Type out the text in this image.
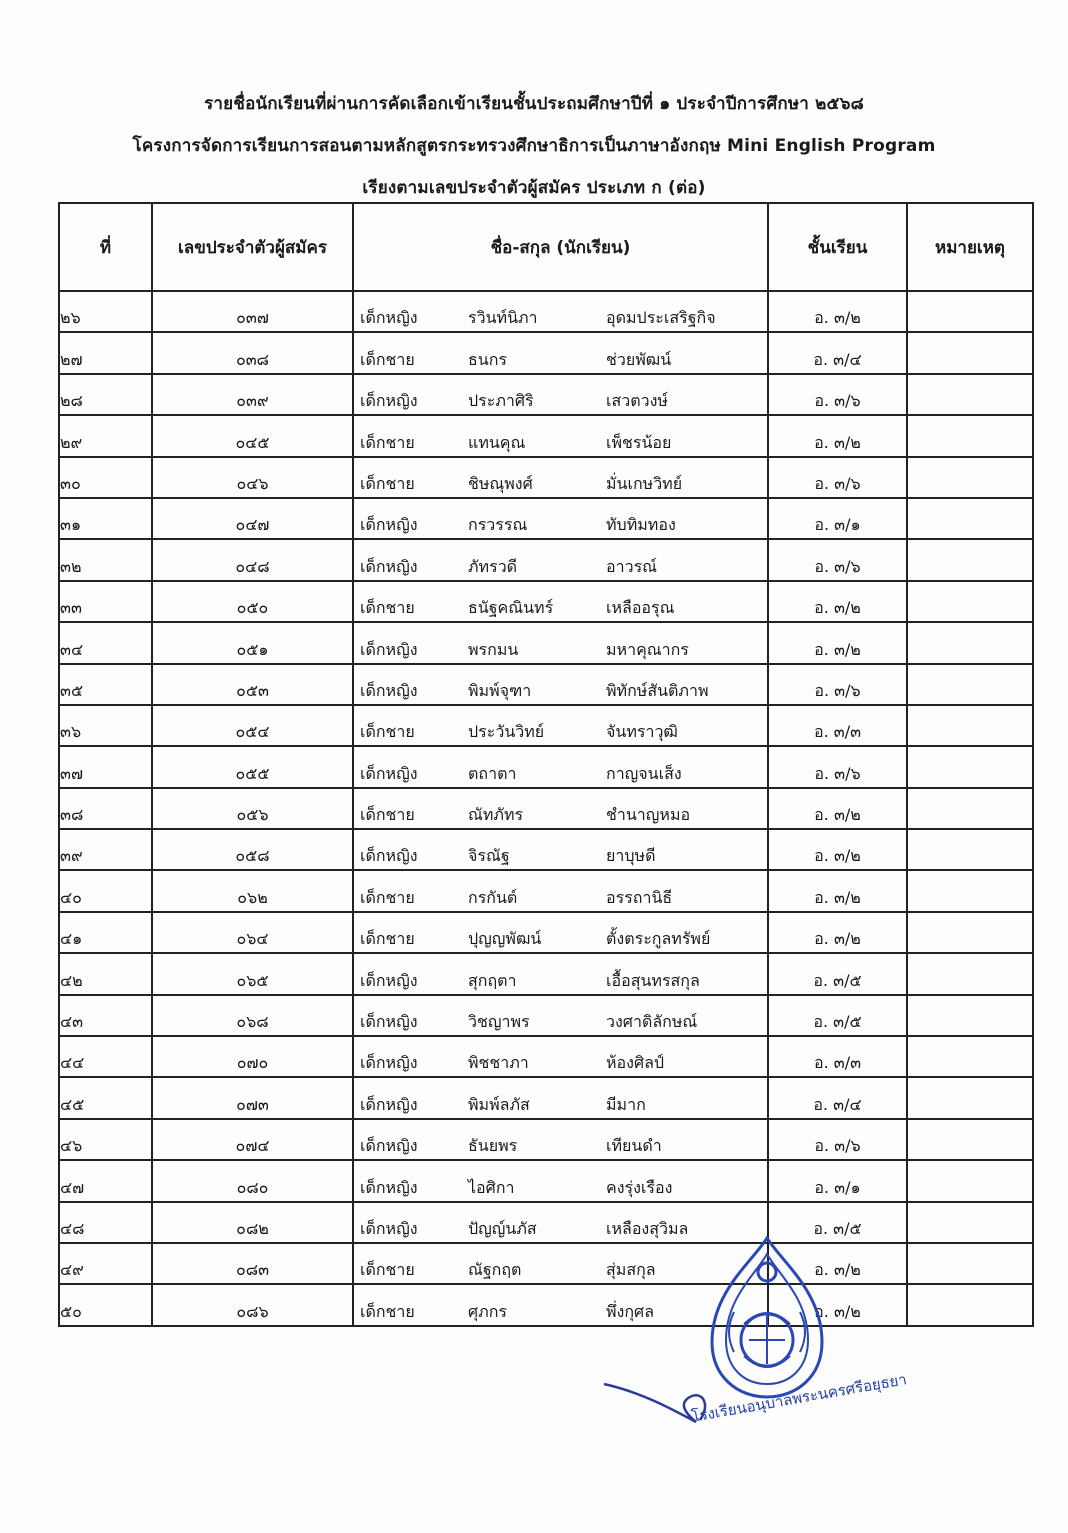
รายชื่อนักเรียนที่ผ่านการคัดเลือกเข้าเรียนชั้นประถมศึกษาปีที่ ๑ ประจำปีการศึกษา ๒๕๖๘
โครงการจัดการเรียนการสอนตามหลักสูตรกระทรวงศึกษาธิการเป็นภาษาอังกฤษ Mini English Program
เรียงตามเลขประจำตัวผู้สมัคร ประเภท ก (ต่อ)
ที่	เลขประจำตัวผู้สมัคร	ชื่อ-สกุล (นักเรียน)	ชั้นเรียน	หมายเหตุ
๒๖	๐๓๗	เด็กหญิง รวินท์นิภา อุดมประเสริฐกิจ	อ. ๓/๒	
๒๗	๐๓๘	เด็กชาย ธนกร ช่วยพัฒน์	อ. ๓/๔	
๒๘	๐๓๙	เด็กหญิง ประภาศิริ เสวตวงษ์	อ. ๓/๖	
๒๙	๐๔๕	เด็กชาย แทนคุณ เพ็ชรน้อย	อ. ๓/๒	
๓๐	๐๔๖	เด็กชาย ชิษณุพงศ์ มั่นเกษวิทย์	อ. ๓/๖	
๓๑	๐๔๗	เด็กหญิง กรวรรณ ทับทิมทอง	อ. ๓/๑	
๓๒	๐๔๘	เด็กหญิง ภัทรวดี อาวรณ์	อ. ๓/๖	
๓๓	๐๕๐	เด็กชาย ธนัฐคณินทร์ เหลืออรุณ	อ. ๓/๒	
๓๔	๐๕๑	เด็กหญิง พรกมน มหาคุณากร	อ. ๓/๒	
๓๕	๐๕๓	เด็กหญิง พิมพ์จุฑา พิทักษ์สันติภาพ	อ. ๓/๖	
๓๖	๐๕๔	เด็กชาย ประวันวิทย์ จันทราวุฒิ	อ. ๓/๓	
๓๗	๐๕๕	เด็กหญิง ตถาตา กาญจนเส็ง	อ. ๓/๖	
๓๘	๐๕๖	เด็กชาย ณัทภัทร ชำนาญหมอ	อ. ๓/๒	
๓๙	๐๕๘	เด็กหญิง จิรณัฐ ยาบุษดี	อ. ๓/๒	
๔๐	๐๖๒	เด็กชาย กรกันต์ อรรถานิธี	อ. ๓/๒	
๔๑	๐๖๔	เด็กชาย ปุญญพัฒน์ ตั้งตระกูลทรัพย์	อ. ๓/๒	
๔๒	๐๖๕	เด็กหญิง สุกฤตา เอื้อสุนทรสกุล	อ. ๓/๕	
๔๓	๐๖๘	เด็กหญิง วิชญาพร วงศาดิลักษณ์	อ. ๓/๕	
๔๔	๐๗๐	เด็กหญิง พิชชาภา ห้องศิลป์	อ. ๓/๓	
๔๕	๐๗๓	เด็กหญิง พิมพ์ลภัส มีมาก	อ. ๓/๔	
๔๖	๐๗๔	เด็กหญิง ธันยพร เทียนดำ	อ. ๓/๖	
๔๗	๐๘๐	เด็กหญิง ไอศิกา คงรุ่งเรือง	อ. ๓/๑	
๔๘	๐๘๒	เด็กหญิง ปัญญ์นภัส เหลืองสุวิมล	อ. ๓/๕	
๔๙	๐๘๓	เด็กชาย ณัฐกฤต สุ่มสกุล	อ. ๓/๒	
๕๐	๐๘๖	เด็กชาย ศุภกร พึ่งกุศล	อ. ๓/๒	
โรงเรียนอนุบาลพระนครศรีอยุธยา
